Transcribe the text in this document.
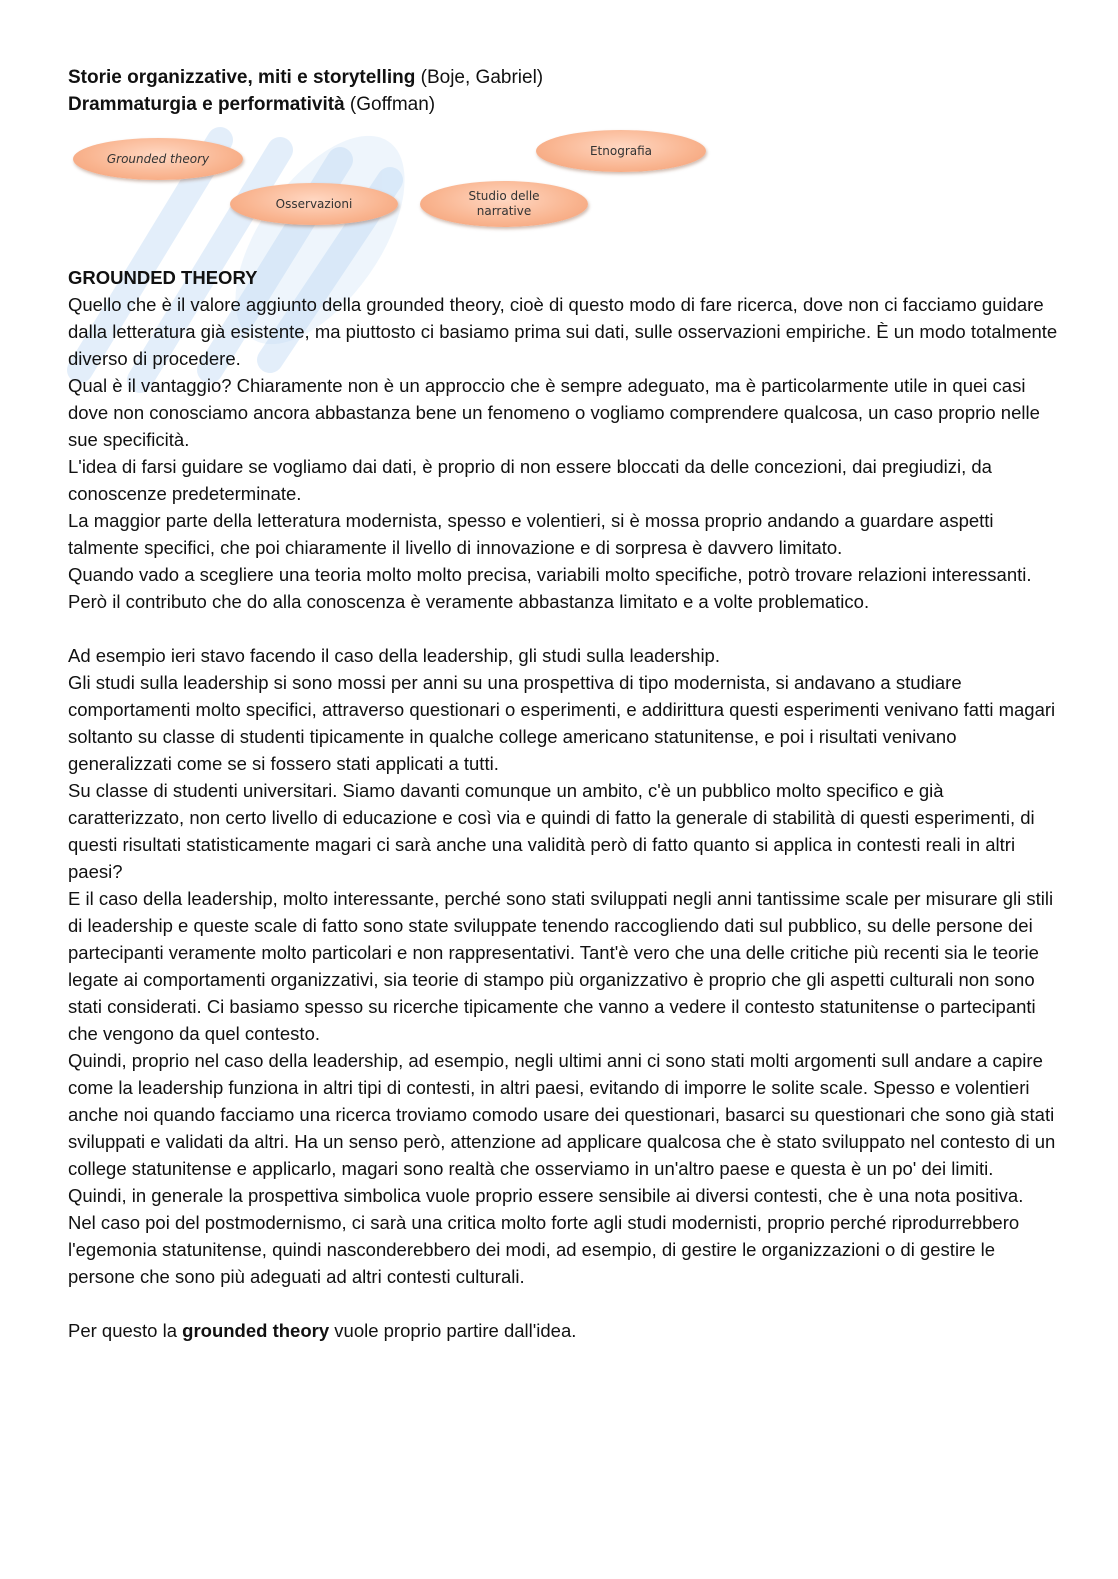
Storie organizzative, miti e storytelling (Boje, Gabriel)
Drammaturgia e performatività (Goffman)
Grounded theory
Etnografia
Osservazioni
Studio delle
narrative

GROUNDED THEORY

Quello che è il valore aggiunto della grounded theory, cioè di questo modo di fare ricerca, dove non ci facciamo guidare dalla letteratura già esistente, ma piuttosto ci basiamo prima sui dati, sulle osservazioni empiriche. È un modo totalmente diverso di procedere.

Qual è il vantaggio? Chiaramente non è un approccio che è sempre adeguato, ma è particolarmente utile in quei casi dove non conosciamo ancora abbastanza bene un fenomeno o vogliamo comprendere qualcosa, un caso proprio nelle sue specificità.

L'idea di farsi guidare se vogliamo dai dati, è proprio di non essere bloccati da delle concezioni, dai pregiudizi, da conoscenze predeterminate.

La maggior parte della letteratura modernista, spesso e volentieri, si è mossa proprio andando a guardare aspetti talmente specifici, che poi chiaramente il livello di innovazione e di sorpresa è davvero limitato.

Quando vado a scegliere una teoria molto molto precisa, variabili molto specifiche, potrò trovare relazioni interessanti. Però il contributo che do alla conoscenza è veramente abbastanza limitato e a volte problematico.

Ad esempio ieri stavo facendo il caso della leadership, gli studi sulla leadership.

Gli studi sulla leadership si sono mossi per anni su una prospettiva di tipo modernista, si andavano a studiare comportamenti molto specifici, attraverso questionari o esperimenti, e addirittura questi esperimenti venivano fatti magari soltanto su classe di studenti tipicamente in qualche college americano statunitense, e poi i risultati venivano generalizzati come se si fossero stati applicati a tutti.

Su classe di studenti universitari. Siamo davanti comunque un ambito, c'è un pubblico molto specifico e già caratterizzato, non certo livello di educazione e così via e quindi di fatto la generale di stabilità di questi esperimenti, di questi risultati statisticamente magari ci sarà anche una validità però di fatto quanto si applica in contesti reali in altri paesi?

E il caso della leadership, molto interessante, perché sono stati sviluppati negli anni tantissime scale per misurare gli stili di leadership e queste scale di fatto sono state sviluppate tenendo raccogliendo dati sul pubblico, su delle persone dei partecipanti veramente molto particolari e non rappresentativi. Tant'è vero che una delle critiche più recenti sia le teorie legate ai comportamenti organizzativi, sia teorie di stampo più organizzativo è proprio che gli aspetti culturali non sono stati considerati. Ci basiamo spesso su ricerche tipicamente che vanno a vedere il contesto statunitense o partecipanti che vengono da quel contesto.

Quindi, proprio nel caso della leadership, ad esempio, negli ultimi anni ci sono stati molti argomenti sull andare a capire come la leadership funziona in altri tipi di contesti, in altri paesi, evitando di imporre le solite scale. Spesso e volentieri anche noi quando facciamo una ricerca troviamo comodo usare dei questionari, basarci su questionari che sono già stati sviluppati e validati da altri. Ha un senso però, attenzione ad applicare qualcosa che è stato sviluppato nel contesto di un college statunitense e applicarlo, magari sono realtà che osserviamo in un'altro paese e questa è un po' dei limiti.

Quindi, in generale la prospettiva simbolica vuole proprio essere sensibile ai diversi contesti, che è una nota positiva.

Nel caso poi del postmodernismo, ci sarà una critica molto forte agli studi modernisti, proprio perché riprodurrebbero l'egemonia statunitense, quindi nasconderebbero dei modi, ad esempio, di gestire le organizzazioni o di gestire le persone che sono più adeguati ad altri contesti culturali.

Per questo la grounded theory vuole proprio partire dall'idea.
